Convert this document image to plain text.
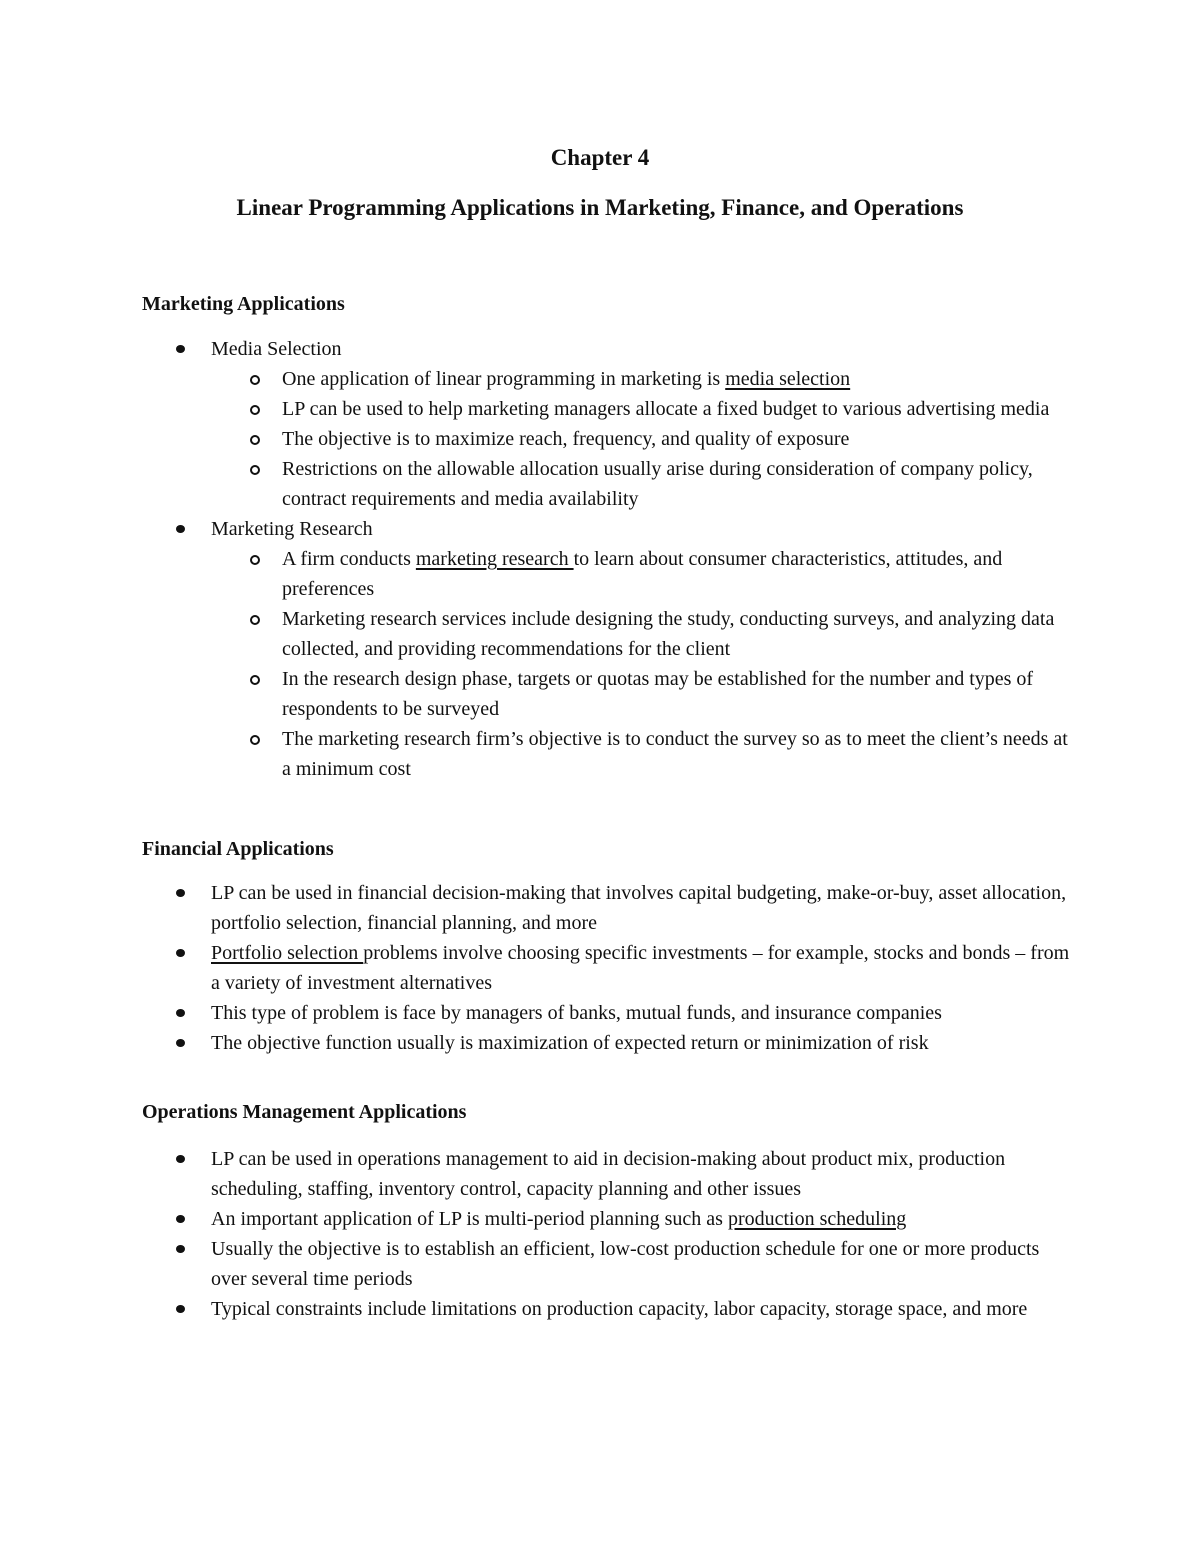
Chapter 4
Linear Programming Applications in Marketing, Finance, and Operations
Marketing Applications
Media Selection
One application of linear programming in marketing is media selection
LP can be used to help marketing managers allocate a fixed budget to various advertising media
The objective is to maximize reach, frequency, and quality of exposure
Restrictions on the allowable allocation usually arise during consideration of company policy, contract requirements and media availability
Marketing Research
A firm conducts marketing research to learn about consumer characteristics, attitudes, and preferences
Marketing research services include designing the study, conducting surveys, and analyzing data collected, and providing recommendations for the client
In the research design phase, targets or quotas may be established for the number and types of respondents to be surveyed
The marketing research firm’s objective is to conduct the survey so as to meet the client’s needs at a minimum cost
Financial Applications
LP can be used in financial decision-making that involves capital budgeting, make-or-buy, asset allocation, portfolio selection, financial planning, and more
Portfolio selection problems involve choosing specific investments – for example, stocks and bonds – from a variety of investment alternatives
This type of problem is face by managers of banks, mutual funds, and insurance companies
The objective function usually is maximization of expected return or minimization of risk
Operations Management Applications
LP can be used in operations management to aid in decision-making about product mix, production scheduling, staffing, inventory control, capacity planning and other issues
An important application of LP is multi-period planning such as production scheduling
Usually the objective is to establish an efficient, low-cost production schedule for one or more products over several time periods
Typical constraints include limitations on production capacity, labor capacity, storage space, and more
